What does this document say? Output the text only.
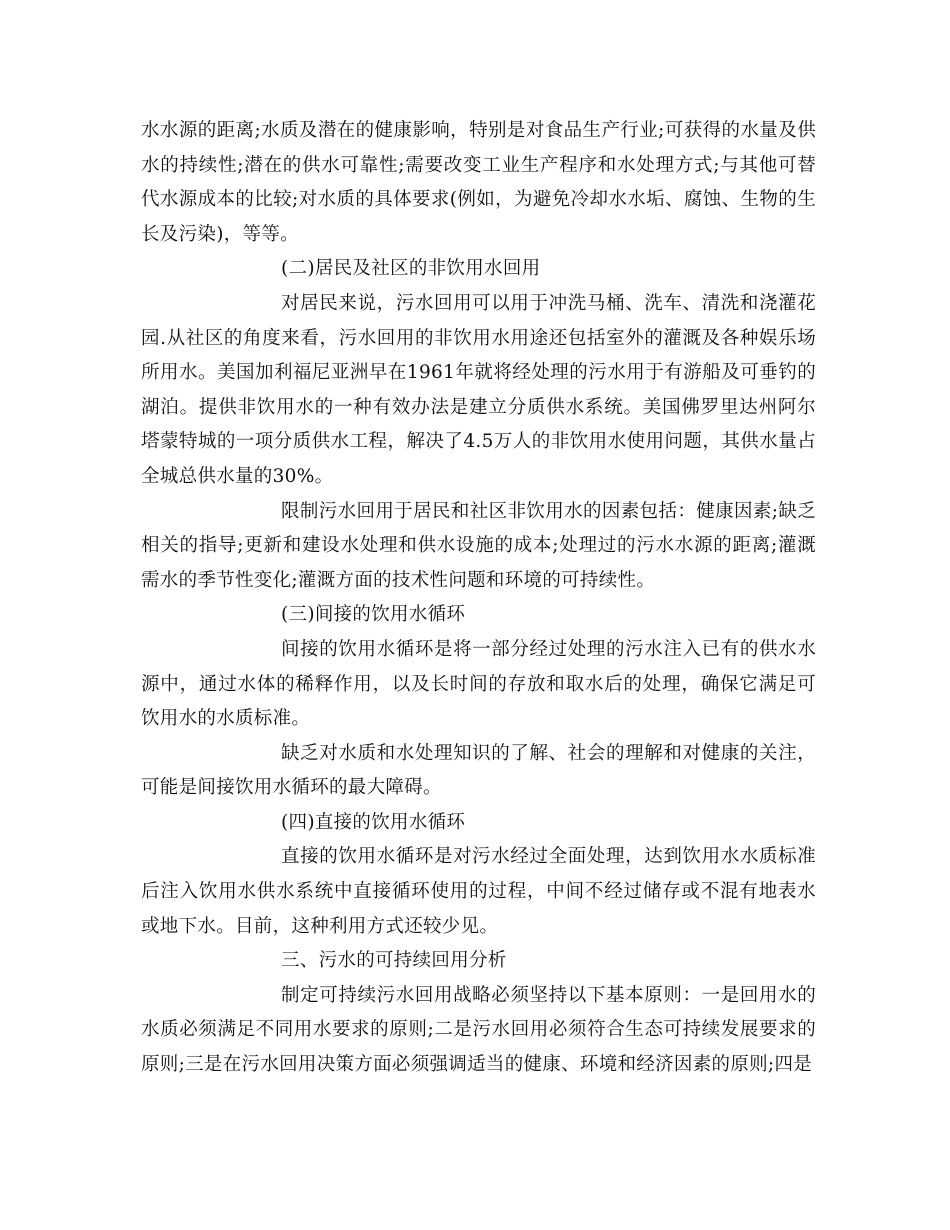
水水源的距离;水质及潜在的健康影响，特别是对食品生产行业;可获得的水量及供水的持续性;潜在的供水可靠性;需要改变工业生产程序和水处理方式;与其他可替代水源成本的比较;对水质的具体要求(例如，为避免冷却水水垢、腐蚀、生物的生长及污染)，等等。

(二)居民及社区的非饮用水回用

对居民来说，污水回用可以用于冲洗马桶、洗车、清洗和浇灌花园.从社区的角度来看，污水回用的非饮用水用途还包括室外的灌溉及各种娱乐场所用水。美国加利福尼亚洲早在1961年就将经处理的污水用于有游船及可垂钓的湖泊。提供非饮用水的一种有效办法是建立分质供水系统。美国佛罗里达州阿尔塔蒙特城的一项分质供水工程，解决了4.5万人的非饮用水使用问题，其供水量占全城总供水量的30%。

限制污水回用于居民和社区非饮用水的因素包括：健康因素;缺乏相关的指导;更新和建设水处理和供水设施的成本;处理过的污水水源的距离;灌溉需水的季节性变化;灌溉方面的技术性问题和环境的可持续性。

(三)间接的饮用水循环

间接的饮用水循环是将一部分经过处理的污水注入已有的供水水源中，通过水体的稀释作用，以及长时间的存放和取水后的处理，确保它满足可饮用水的水质标准。

缺乏对水质和水处理知识的了解、社会的理解和对健康的关注，可能是间接饮用水循环的最大障碍。

(四)直接的饮用水循环

直接的饮用水循环是对污水经过全面处理，达到饮用水水质标准后注入饮用水供水系统中直接循环使用的过程，中间不经过储存或不混有地表水或地下水。目前，这种利用方式还较少见。

三、污水的可持续回用分析

制定可持续污水回用战略必须坚持以下基本原则：一是回用水的水质必须满足不同用水要求的原则;二是污水回用必须符合生态可持续发展要求的原则;三是在污水回用决策方面必须强调适当的健康、环境和经济因素的原则;四是
